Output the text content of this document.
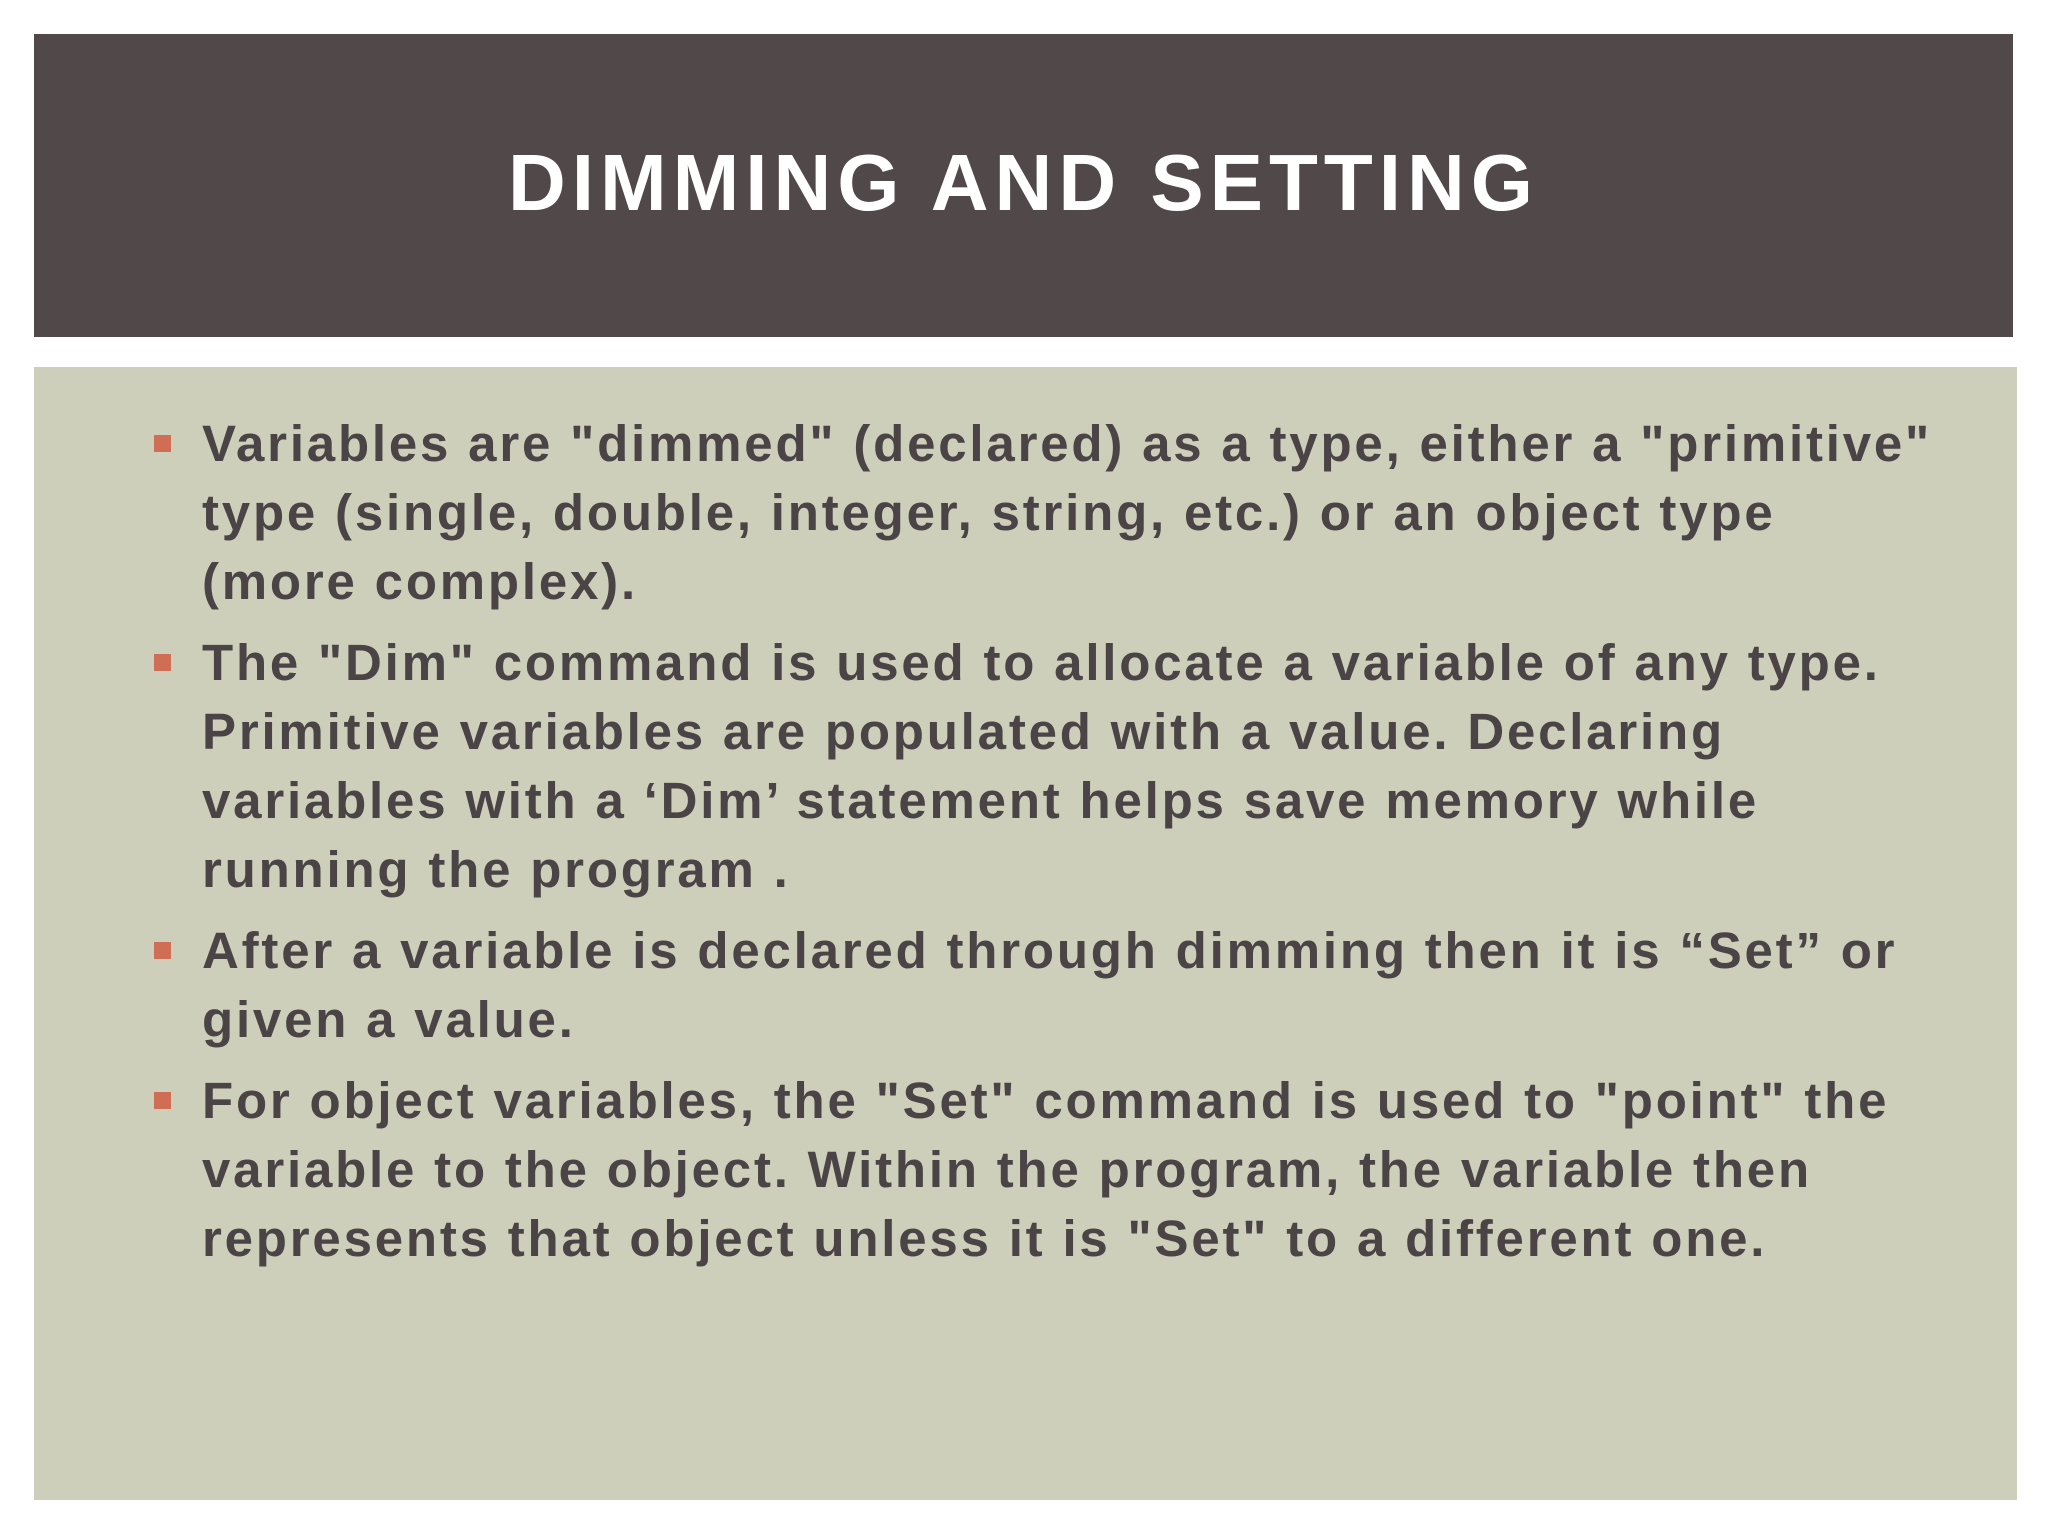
DIMMING AND SETTING
Variables are "dimmed" (declared) as a type, either a "primitive" type (single, double, integer, string, etc.) or an object type (more complex).
The "Dim" command is used to allocate a variable of any type. Primitive variables are populated with a value. Declaring variables with a ‘Dim’ statement helps save memory while running the program .
After a variable is declared through dimming then it is “Set” or given a value.
For object variables, the "Set" command is used to "point" the variable to the object. Within the program, the variable then represents that object unless it is "Set" to a different one.
